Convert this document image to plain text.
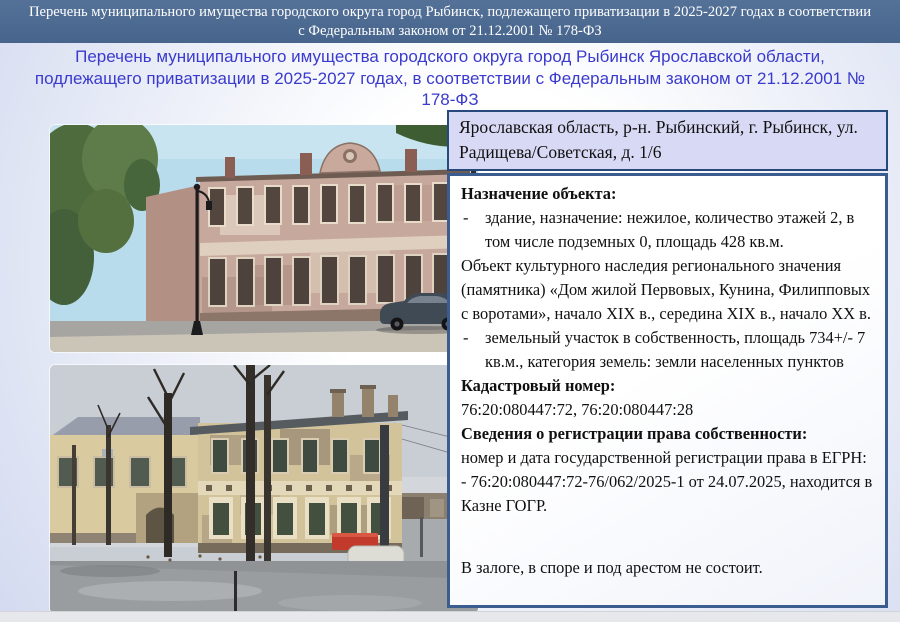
Перечень муниципального имущества городского округа город Рыбинск, подлежащего приватизации в 2025-2027 годах в соответствии с Федеральным законом от 21.12.2001 № 178-ФЗ
Перечень муниципального имущества городского округа город Рыбинск Ярославской области, подлежащего приватизации в 2025-2027 годах, в соответствии с Федеральным законом от 21.12.2001 № 178-ФЗ
Ярославская область, р-н. Рыбинский, г. Рыбинск, ул. Радищева/Советская, д. 1/6

Назначение объекта:

-	здание, назначение: нежилое, количество этажей 2, в том числе подземных 0, площадь 428 кв.м.

Объект культурного наследия регионального значения (памятника) «Дом жилой Первовых, Кунина, Филипповых с воротами», начало XIX в., середина XIX в., начало XX в.

-	земельный участок в собственность, площадь 734+/- 7 кв.м., категория земель: земли населенных пунктов

Кадастровый номер:

76:20:080447:72, 76:20:080447:28

Сведения о регистрации права собственности:

номер и дата государственной регистрации права в ЕГРН:

- 76:20:080447:72-76/062/2025-1 от 24.07.2025, находится в Казне ГОГР.

В залоге, в споре и под арестом не состоит.
